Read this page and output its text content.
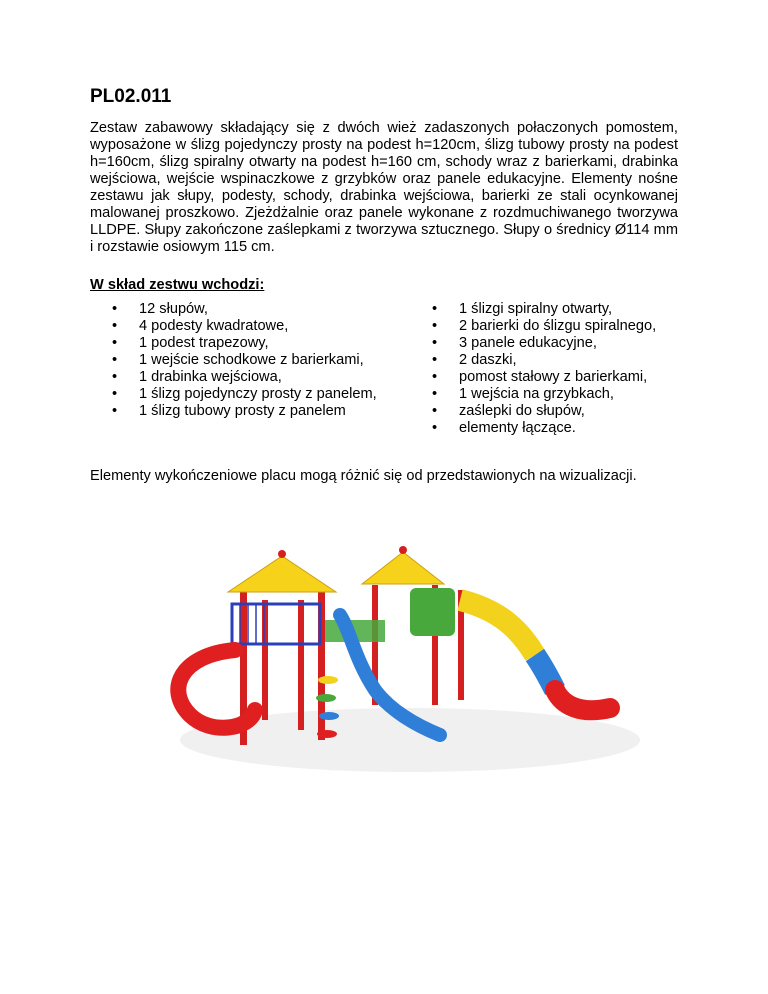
PL02.011

Zestaw zabawowy składający się z dwóch wież zadaszonych połaczonych pomostem, wyposażone w ślizg pojedynczy prosty na podest h=120cm, ślizg tubowy prosty na podest h=160cm, ślizg spiralny otwarty na podest h=160 cm, schody wraz z barierkami, drabinka wejściowa, wejście wspinaczkowe z grzybków oraz panele edukacyjne. Elementy nośne zestawu jak słupy, podesty, schody, drabinka wejściowa, barierki ze stali ocynkowanej malowanej proszkowo. Zjeżdżalnie oraz panele wykonane z rozdmuchiwanego tworzywa LLDPE. Słupy zakończone zaślepkami z tworzywa sztucznego. Słupy o średnicy Ø114 mm i rozstawie osiowym 115 cm.

W skład zestwu wchodzi:
• 12 słupów,
• 4 podesty kwadratowe,
• 1 podest trapezowy,
• 1 wejście schodkowe z barierkami,
• 1 drabinka wejściowa,
• 1 ślizg pojedynczy prosty z panelem,
• 1 ślizg tubowy prosty z panelem
• 1 ślizgi spiralny otwarty,
• 2 barierki do ślizgu spiralnego,
• 3 panele edukacyjne,
• 2 daszki,
• pomost stałowy z barierkami,
• 1 wejścia na grzybkach,
• zaślepki do słupów,
• elementy łączące.
Elementy wykończeniowe placu mogą różnić się od przedstawionych na wizualizacji.
